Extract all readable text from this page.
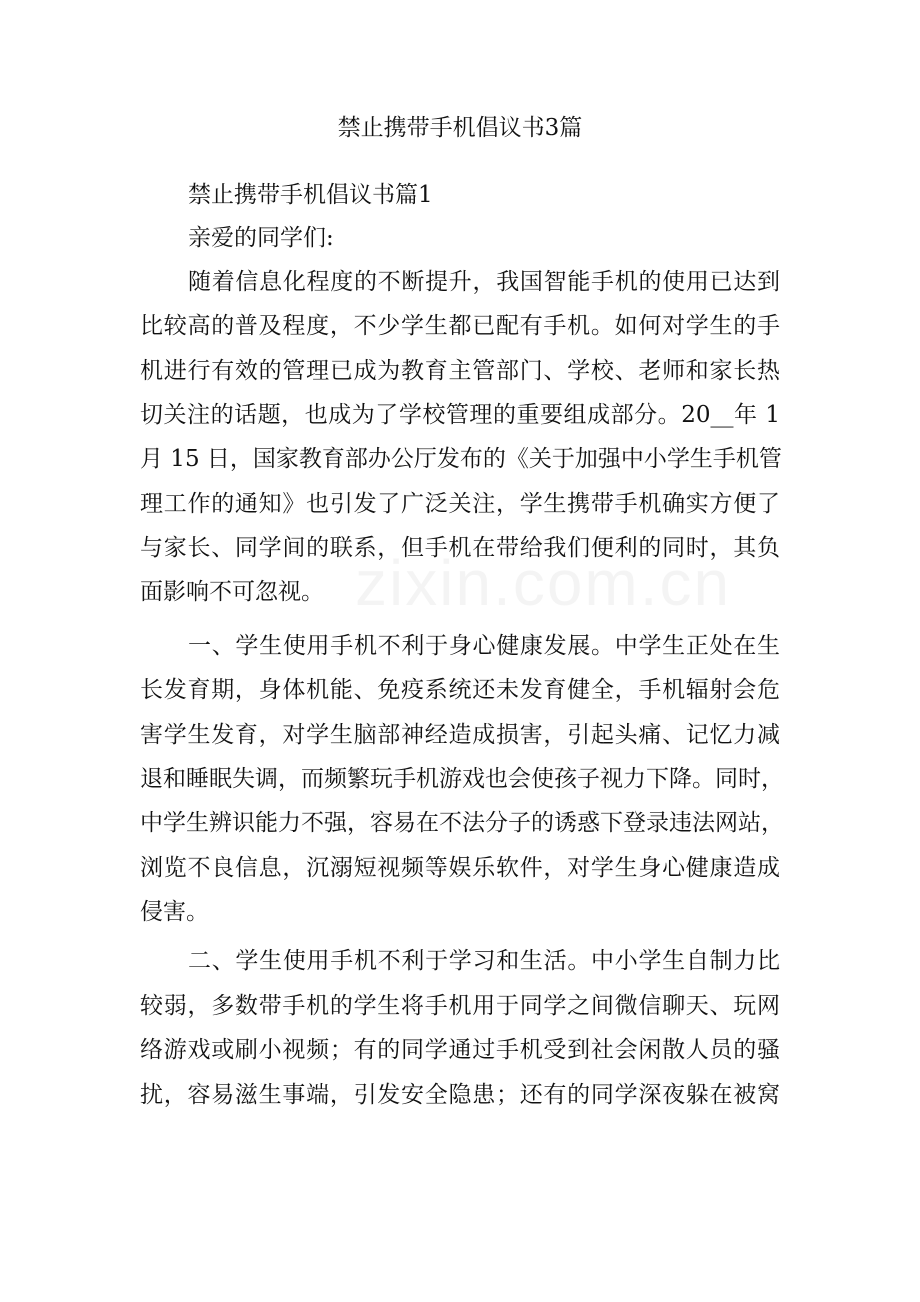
禁止携带手机倡议书3篇
禁止携带手机倡议书篇1
亲爱的同学们:
随着信息化程度的不断提升，我国智能手机的使用已达到
比较高的普及程度，不少学生都已配有手机。如何对学生的手
机进行有效的管理已成为教育主管部门、学校、老师和家长热
切关注的话题，也成为了学校管理的重要组成部分。20__年 1
月 15 日，国家教育部办公厅发布的《关于加强中小学生手机管
理工作的通知》也引发了广泛关注，学生携带手机确实方便了
与家长、同学间的联系，但手机在带给我们便利的同时，其负
面影响不可忽视。
一、学生使用手机不利于身心健康发展。中学生正处在生
长发育期，身体机能、免疫系统还未发育健全，手机辐射会危
害学生发育，对学生脑部神经造成损害，引起头痛、记忆力减
退和睡眠失调，而频繁玩手机游戏也会使孩子视力下降。同时，
中学生辨识能力不强，容易在不法分子的诱惑下登录违法网站，
浏览不良信息，沉溺短视频等娱乐软件，对学生身心健康造成
侵害。
二、学生使用手机不利于学习和生活。中小学生自制力比
较弱，多数带手机的学生将手机用于同学之间微信聊天、玩网
络游戏或刷小视频；有的同学通过手机受到社会闲散人员的骚
扰，容易滋生事端，引发安全隐患；还有的同学深夜躲在被窝
